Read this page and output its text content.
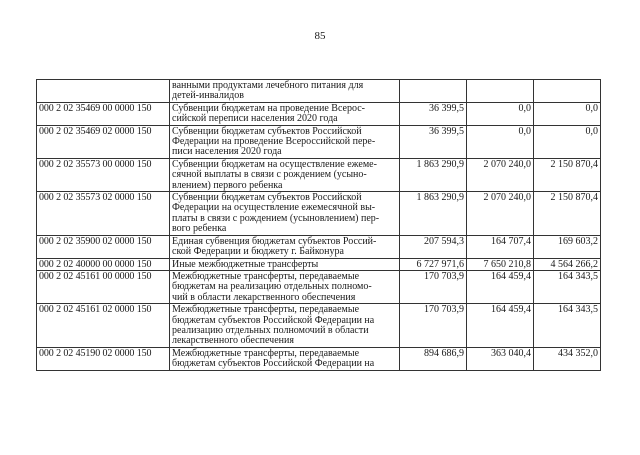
85

	ванными продуктами лечебного питания для
детей-инвалидов			

000 2 02 35469 00 0000 150	Субвенции бюджетам на проведение Всерос-
сийской переписи населения 2020 года	36 399,5	0,0	0,0
000 2 02 35469 02 0000 150	Субвенции бюджетам субъектов Российской
Федерации на проведение Всероссийской пере-
писи населения 2020 года	36 399,5	0,0	0,0
000 2 02 35573 00 0000 150	Субвенции бюджетам на осуществление ежеме-
сячной выплаты в связи с рождением (усыно-
влением) первого ребенка	1 863 290,9	2 070 240,0	2 150 870,4
000 2 02 35573 02 0000 150	Субвенции бюджетам субъектов Российской
Федерации на осуществление ежемесячной вы-
платы в связи с рождением (усыновлением) пер-
вого ребенка	1 863 290,9	2 070 240,0	2 150 870,4
000 2 02 35900 02 0000 150	Единая субвенция бюджетам субъектов Россий-
ской Федерации и бюджету г. Байконура	207 594,3	164 707,4	169 603,2
000 2 02 40000 00 0000 150	Иные межбюджетные трансферты	6 727 971,6	7 650 210,8	4 564 266,2
000 2 02 45161 00 0000 150	Межбюджетные трансферты, передаваемые
бюджетам на реализацию отдельных полномо-
чий в области лекарственного обеспечения	170 703,9	164 459,4	164 343,5
000 2 02 45161 02 0000 150	Межбюджетные трансферты, передаваемые
бюджетам субъектов Российской Федерации на
реализацию отдельных полномочий в области
лекарственного обеспечения	170 703,9	164 459,4	164 343,5
000 2 02 45190 02 0000 150	Межбюджетные трансферты, передаваемые
бюджетам субъектов Российской Федерации на	894 686,9	363 040,4	434 352,0
